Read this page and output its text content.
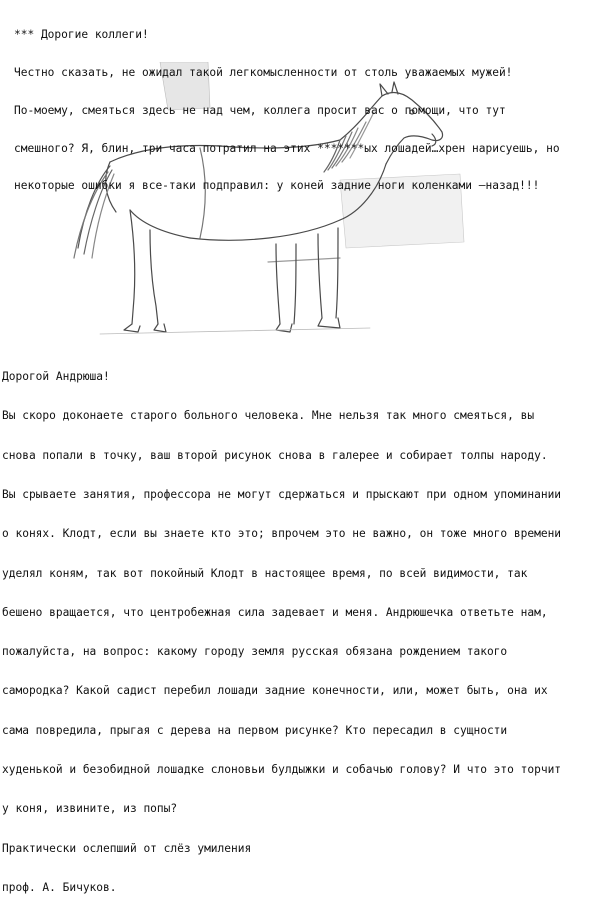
*** Дорогие коллеги!

Честно сказать, не ожидал такой легкомысленности от столь уважаемых мужей!

По-моему, смеяться здесь не над чем, коллега просит вас о помощи, что тут

смешного? Я, блин, три часа потратил на этих *******ых лошадей…хрен нарисуешь, но

некоторые ошибки я все-таки подправил: у коней задние ноги коленками –назад!!!

Дорогой Андрюша!

Вы скоро доконаете старого больного человека. Мне нельзя так много смеяться, вы

снова попали в точку, ваш второй рисунок снова в галерее и собирает толпы народу.

Вы срываете занятия, профессора не могут сдержаться и прыскают при одном упоминании

о конях. Клодт, если вы знаете кто это; впрочем это не важно, он тоже много времени

уделял коням, так вот покойный Клодт в настоящее время, по всей видимости, так

бешено вращается, что центробежная сила задевает и меня. Андрюшечка ответьте нам,

пожалуйста, на вопрос: какому городу земля русская обязана рождением такого

самородка? Какой садист перебил лошади задние конечности, или, может быть, она их

сама повредила, прыгая с дерева на первом рисунке? Кто пересадил в сущности

худенькой и безобидной лошадке слоновьи булдыжки и собачью голову? И что это торчит

у коня, извините, из попы?

Практически ослепший от слёз умиления

проф. А. Бичуков.
